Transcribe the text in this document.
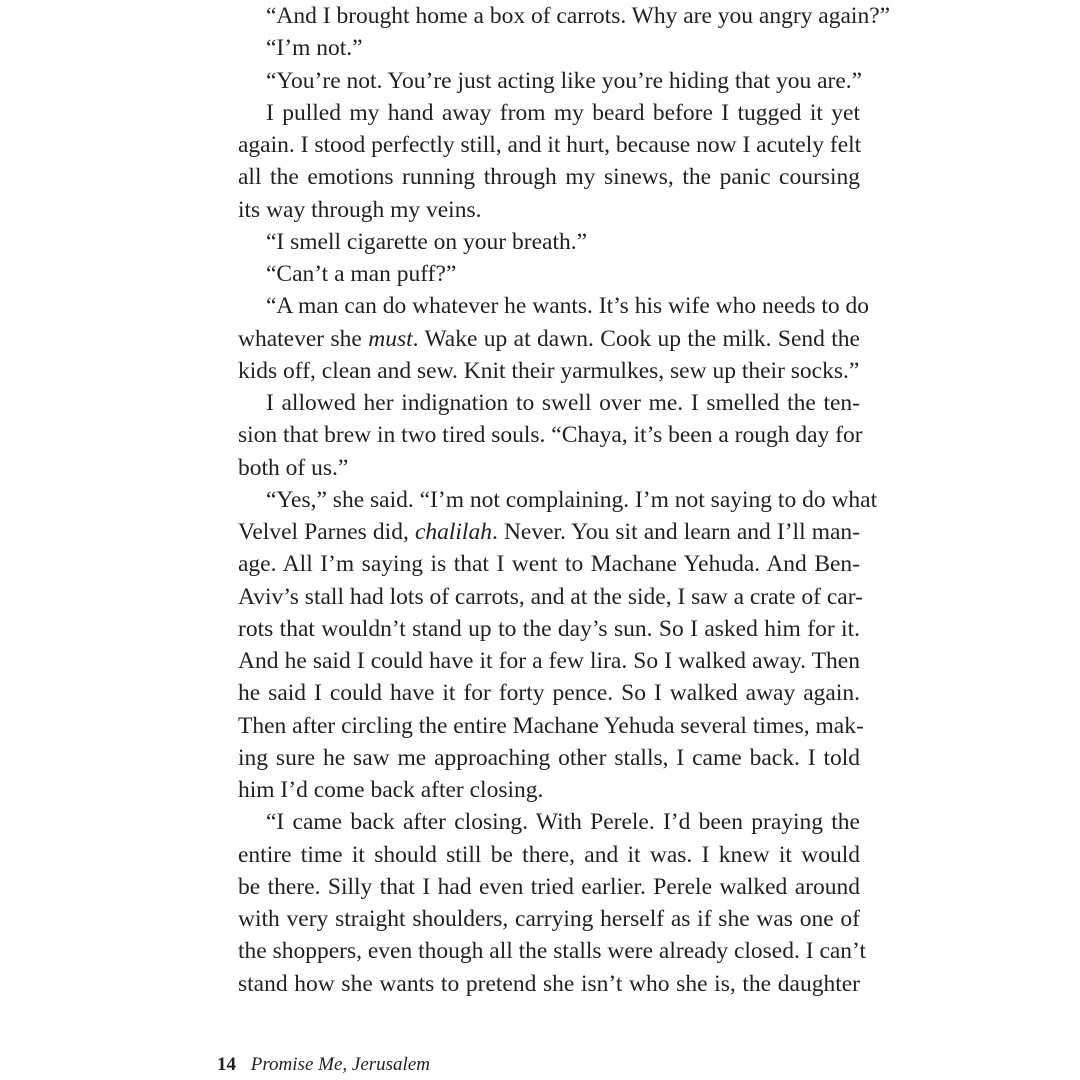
“And I brought home a box of carrots. Why are you angry again?”
“I’m not.”
“You’re not. You’re just acting like you’re hiding that you are.”
I pulled my hand away from my beard before I tugged it yet
again. I stood perfectly still, and it hurt, because now I acutely felt
all the emotions running through my sinews, the panic coursing
its way through my veins.
“I smell cigarette on your breath.”
“Can’t a man puff?”
“A man can do whatever he wants. It’s his wife who needs to do
whatever she must. Wake up at dawn. Cook up the milk. Send the
kids off, clean and sew. Knit their yarmulkes, sew up their socks.”
I allowed her indignation to swell over me. I smelled the ten-
sion that brew in two tired souls. “Chaya, it’s been a rough day for
both of us.”
“Yes,” she said. “I’m not complaining. I’m not saying to do what
Velvel Parnes did, chalilah. Never. You sit and learn and I’ll man-
age. All I’m saying is that I went to Machane Yehuda. And Ben-
Aviv’s stall had lots of carrots, and at the side, I saw a crate of car-
rots that wouldn’t stand up to the day’s sun. So I asked him for it.
And he said I could have it for a few lira. So I walked away. Then
he said I could have it for forty pence. So I walked away again.
Then after circling the entire Machane Yehuda several times, mak-
ing sure he saw me approaching other stalls, I came back. I told
him I’d come back after closing.
“I came back after closing. With Perele. I’d been praying the
entire time it should still be there, and it was. I knew it would
be there. Silly that I had even tried earlier. Perele walked around
with very straight shoulders, carrying herself as if she was one of
the shoppers, even though all the stalls were already closed. I can’t
stand how she wants to pretend she isn’t who she is, the daughter
14 Promise Me, Jerusalem
